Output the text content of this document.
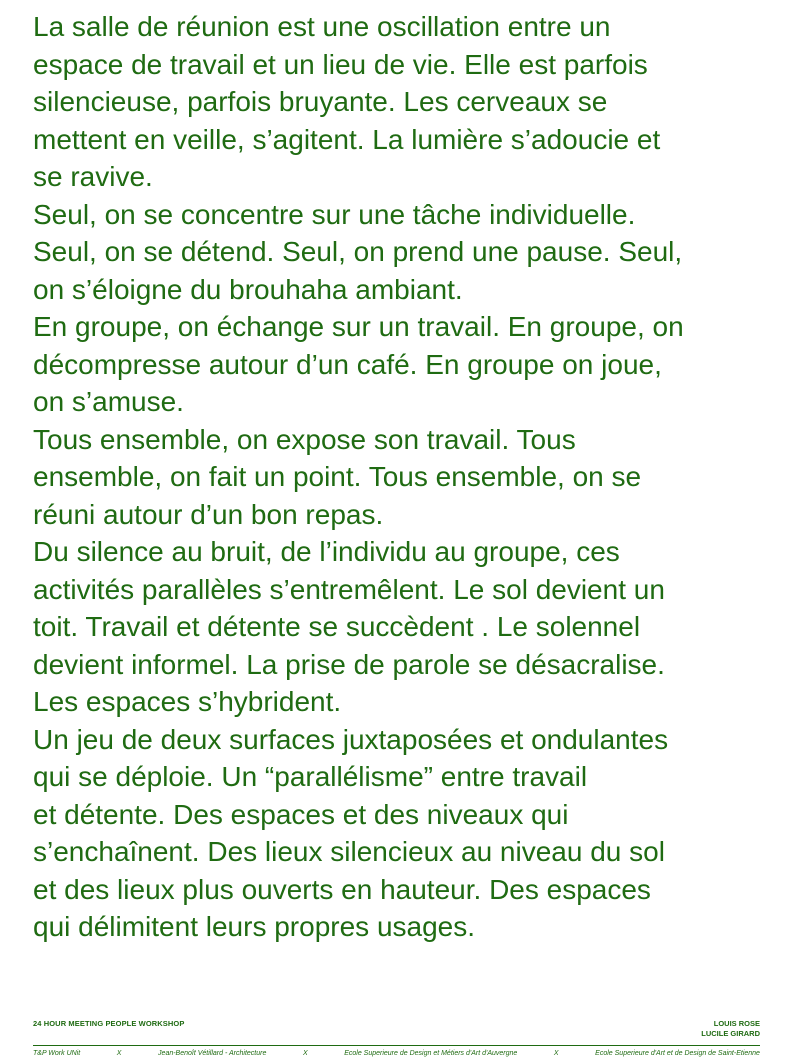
La salle de réunion est une oscillation entre un
espace de travail et un lieu de vie. Elle est parfois
silencieuse, parfois bruyante. Les cerveaux se
mettent en veille, s’agitent. La lumière s’adoucie et
se ravive.
Seul, on se concentre sur une tâche individuelle.
Seul, on se détend. Seul, on prend une pause. Seul,
on s’éloigne du brouhaha ambiant.
En groupe, on échange sur un travail. En groupe, on
décompresse autour d’un café. En groupe on joue,
on s’amuse.
Tous ensemble, on expose son travail. Tous
ensemble, on fait un point. Tous ensemble, on se
réuni autour d’un bon repas.
Du silence au bruit, de l’individu au groupe, ces
activités parallèles s’entremêlent. Le sol devient un
toit. Travail et détente se succèdent . Le solennel
devient informel. La prise de parole se désacralise.
Les espaces s’hybrident.
Un jeu de deux surfaces juxtaposées et ondulantes
qui se déploie. Un “parallélisme” entre travail
et détente. Des espaces et des niveaux qui
s’enchaînent. Des lieux silencieux au niveau du sol
et des lieux plus ouverts en hauteur. Des espaces
qui délimitent leurs propres usages.
24 HOUR MEETING PEOPLE WORKSHOP	LOUIS ROSE
LUCILE GIRARD
T&P Work UNit	X	Jean-Benoît Vétillard - Architecture	X	Ecole Superieure de Design et Métiers d'Art d'Auvergne	X	Ecole Superieure d'Art et de Design de Saint-Etienne
